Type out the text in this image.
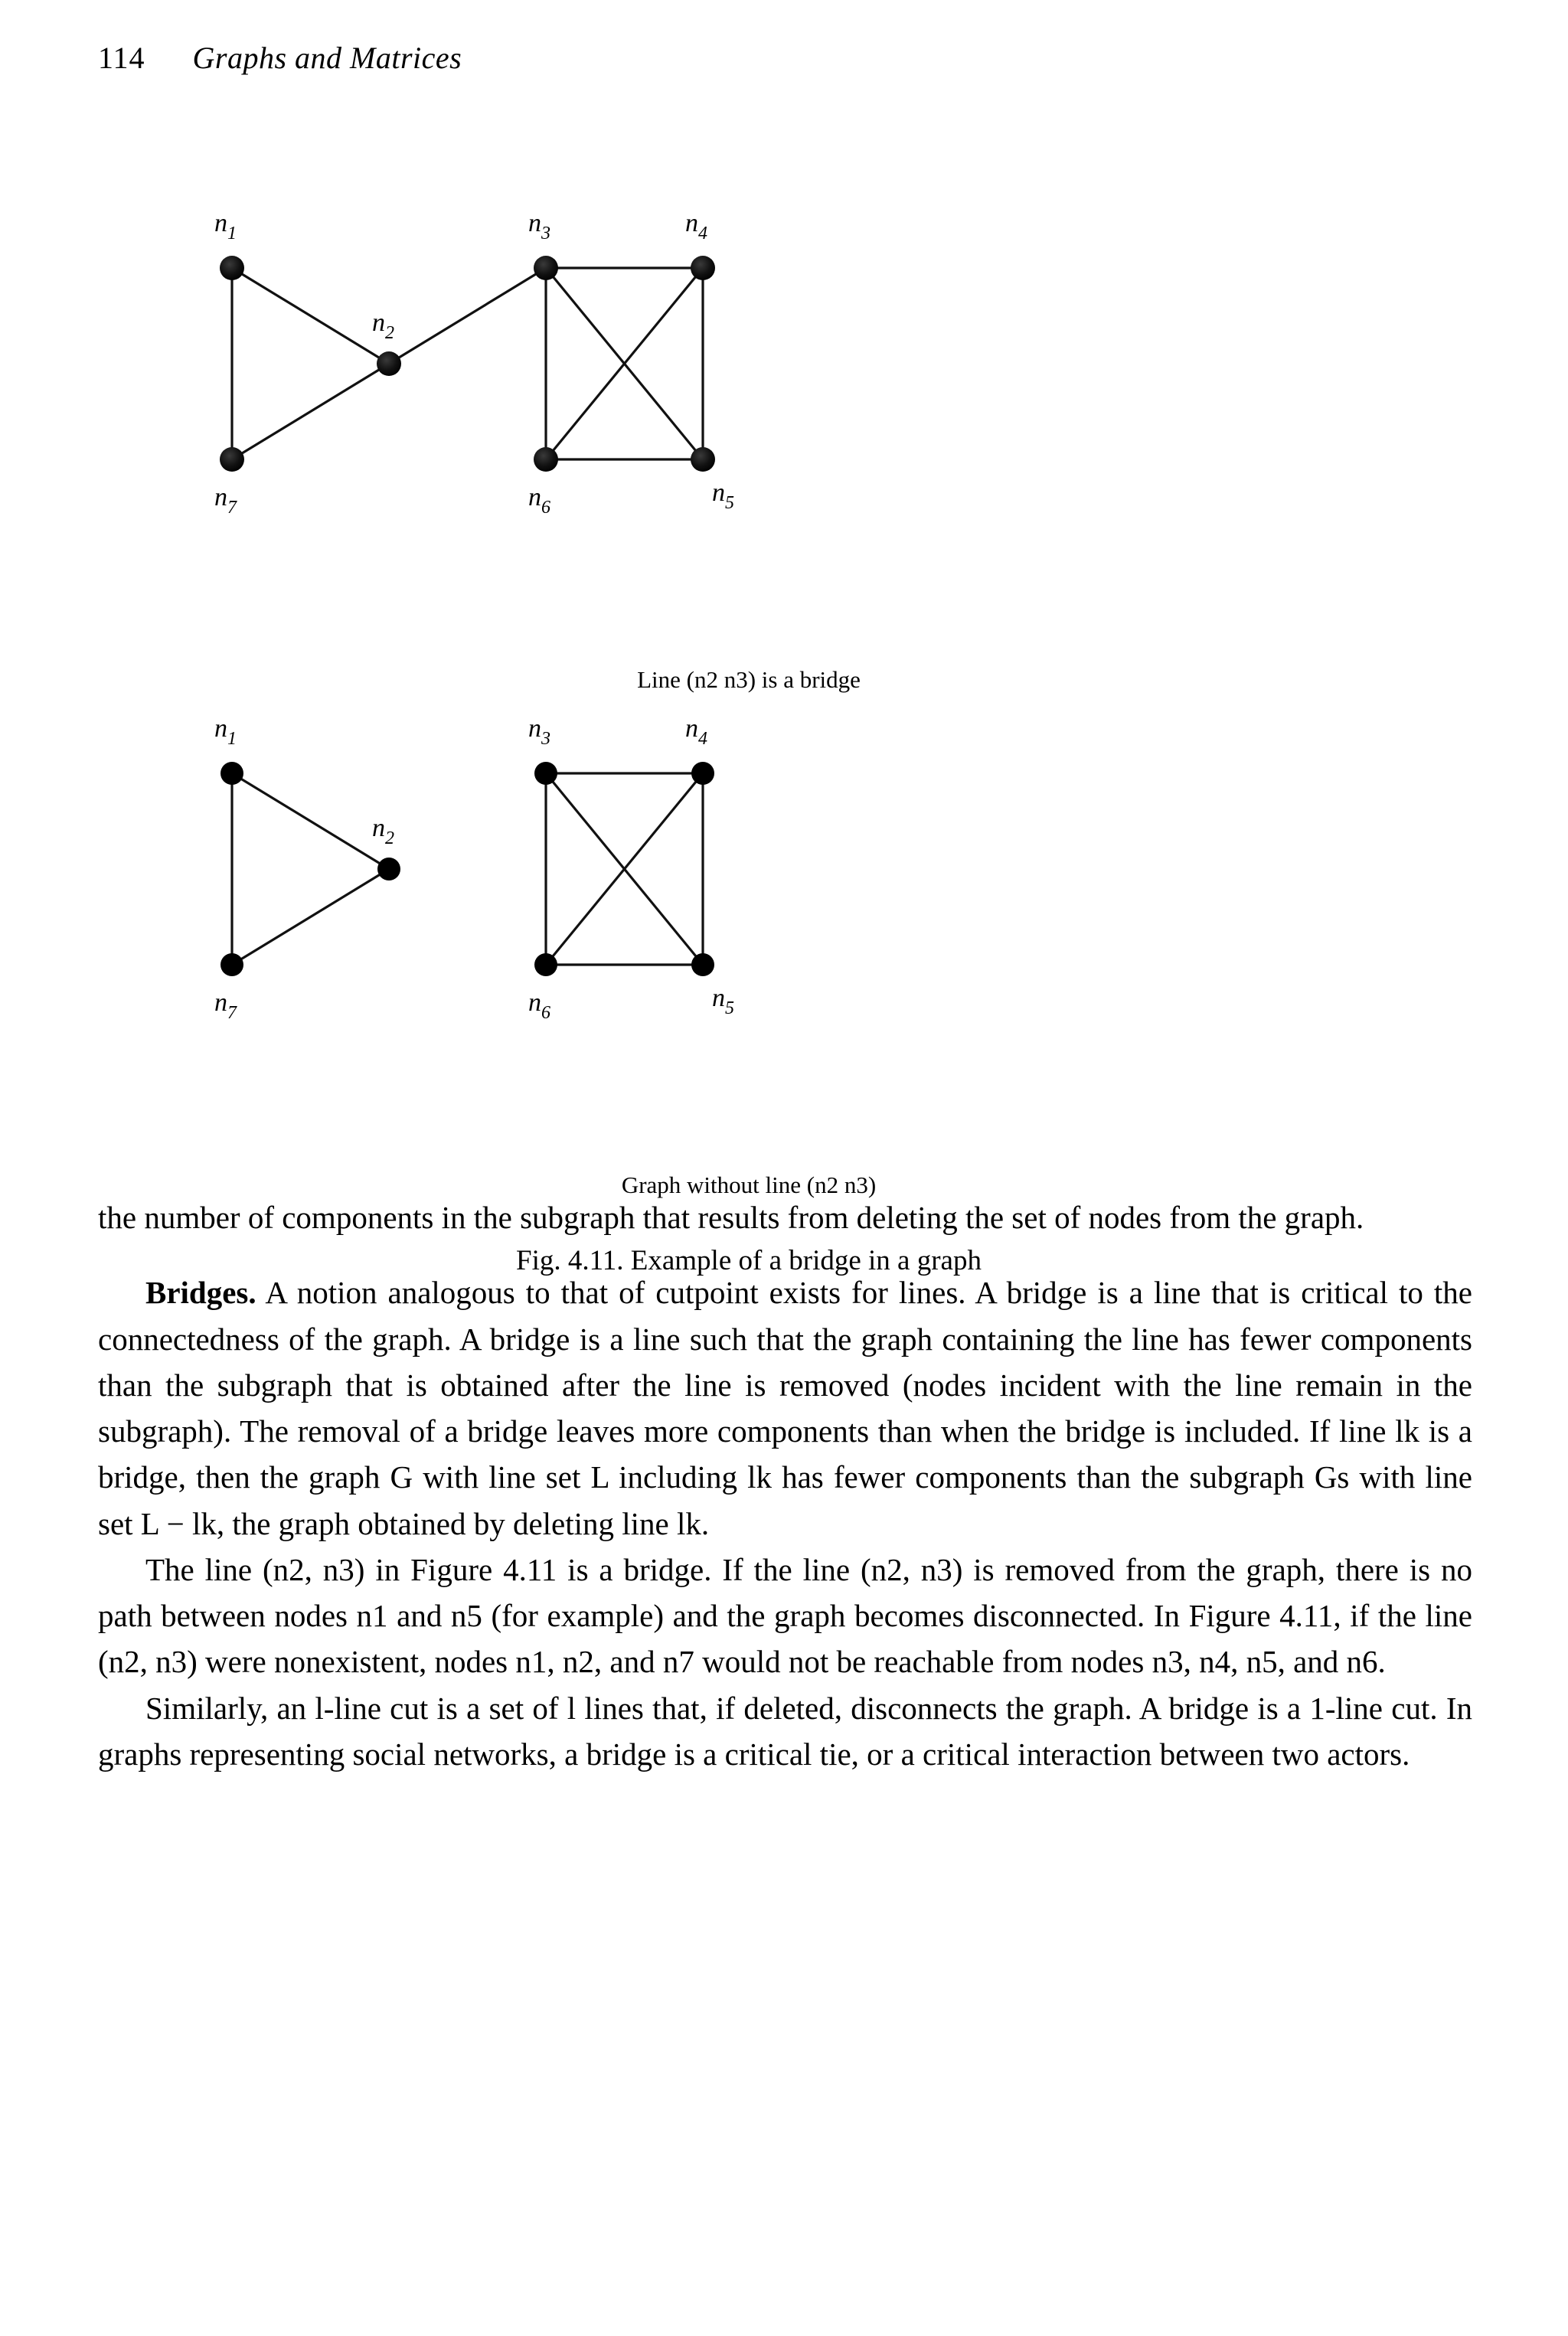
114 Graphs and Matrices
$n_1$
$n_2$
$n_3$	$n_4$
$n_5$
$n_6$
$n_7$
$n_1$
$n_2$
$n_3$	$n_4$
$n_5$
$n_6$
$n_7$
Line (n2 n3) is a bridge
Graph without line (n2 n3)
Fig. 4.11. Example of a bridge in a graph

the number of components in the subgraph that results from deleting the set of nodes from the graph.

Bridges. A notion analogous to that of cutpoint exists for lines. A bridge is a line that is critical to the connectedness of the graph. A bridge is a line such that the graph containing the line has fewer components than the subgraph that is obtained after the line is removed (nodes incident with the line remain in the subgraph). The removal of a bridge leaves more components than when the bridge is included. If line lk is a bridge, then the graph G with line set L including lk has fewer components than the subgraph Gs with line set L − lk, the graph obtained by deleting line lk.

The line (n2, n3) in Figure 4.11 is a bridge. If the line (n2, n3) is removed from the graph, there is no path between nodes n1 and n5 (for example) and the graph becomes disconnected. In Figure 4.11, if the line (n2, n3) were nonexistent, nodes n1, n2, and n7 would not be reachable from nodes n3, n4, n5, and n6.

Similarly, an l-line cut is a set of l lines that, if deleted, disconnects the graph. A bridge is a 1-line cut. In graphs representing social networks, a bridge is a critical tie, or a critical interaction between two actors.
